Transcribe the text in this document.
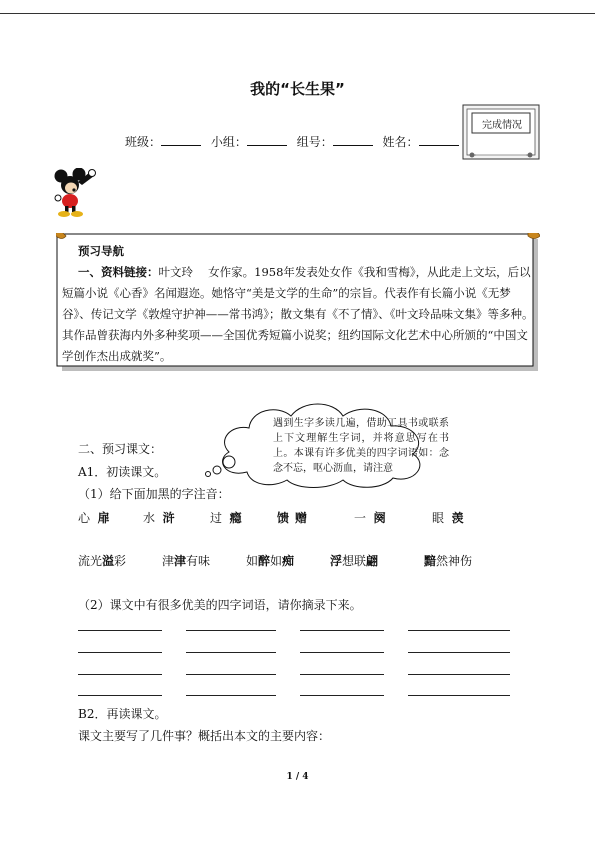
我的“长生果”
班级：	小组：	组号：	姓名：
完成情况

预习导航

一、资料链接：叶文玲　 女作家。1958年发表处女作《我和雪梅》，从此走上文坛，后以短篇小说《心香》名闻遐迩。她恪守“美是文学的生命”的宗旨。代表作有长篇小说《无梦谷》、传记文学《敦煌守护神——常书鸿》；散文集有《不了情》、《叶文玲品味文集》等多种。其作品曾获海内外多种奖项——全国优秀短篇小说奖；纽约国际文化艺术中心所颁的“中国文学创作杰出成就奖”。

遇到生字多读几遍，借助工具书或联系上下文理解生字词，并将意思写在书上。本课有许多优美的四字词语如：念念不忘，呕心沥血，请注意
二、预习课文：
A1．初读课文。
（1）给下面加黑的字注音：
心 扉	水 浒	过 瘾	馈赠	一 阕	眼 羡
流光溢彩	津津有味	如醉如痴	浮想联翩	黯然神伤
（2）课文中有很多优美的四字词语，请你摘录下来。
B2．再读课文。
课文主要写了几件事？概括出本文的主要内容：
1 / 4
